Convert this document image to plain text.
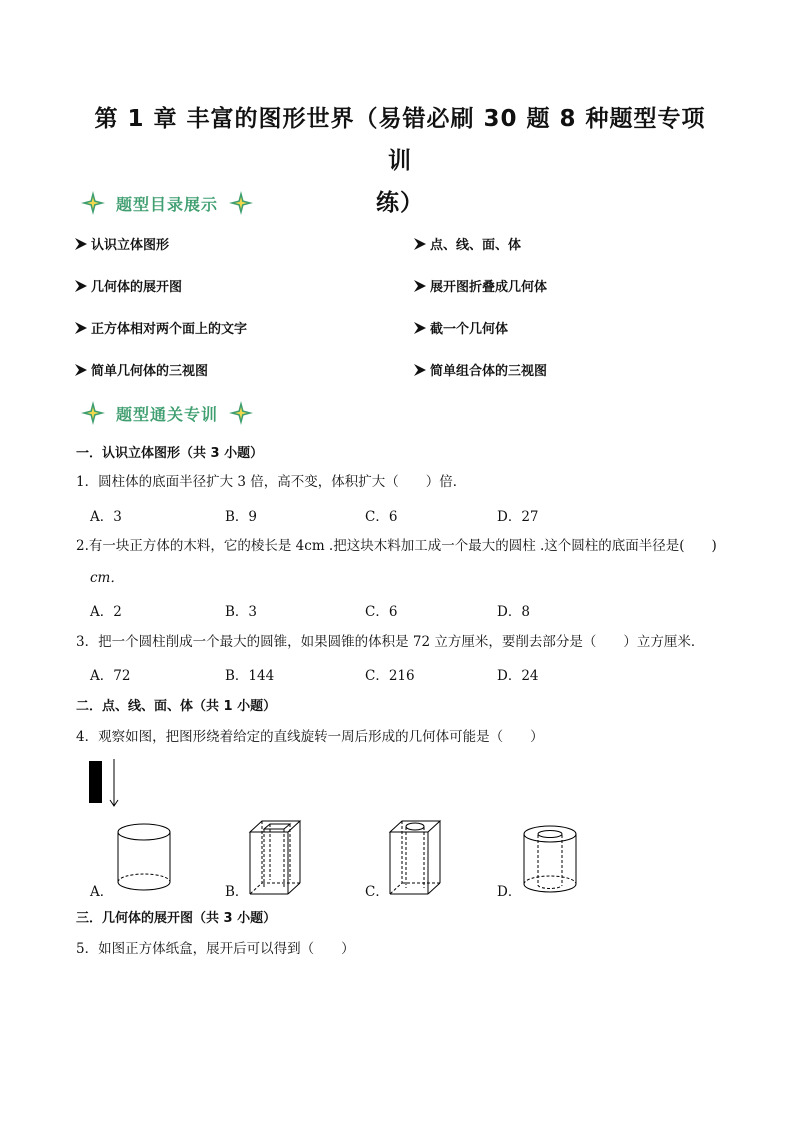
第 1 章 丰富的图形世界（易错必刷 30 题 8 种题型专项训
练）
题型目录展示
认识立体图形	点、线、面、体
几何体的展开图	展开图折叠成几何体
正方体相对两个面上的文字	截一个几何体
简单几何体的三视图	简单组合体的三视图
题型通关专训
一．认识立体图形（共 3 小题）
1．圆柱体的底面半径扩大 3 倍，高不变，体积扩大（　　）倍．
A．3	B．9	C．6	D．27
2.有一块正方体的木料，它的棱长是 4cm .把这块木料加工成一个最大的圆柱 .这个圆柱的底面半径是(　　)
cm．
A．2	B．3	C．6	D．8
3．把一个圆柱削成一个最大的圆锥，如果圆锥的体积是 72 立方厘米，要削去部分是（　　）立方厘米．
A．72	B．144	C．216	D．24
二．点、线、面、体（共 1 小题）
4．观察如图，把图形绕着给定的直线旋转一周后形成的几何体可能是（　　）
A．	B．	C．	D．
三．几何体的展开图（共 3 小题）
5．如图正方体纸盒，展开后可以得到（　　）
